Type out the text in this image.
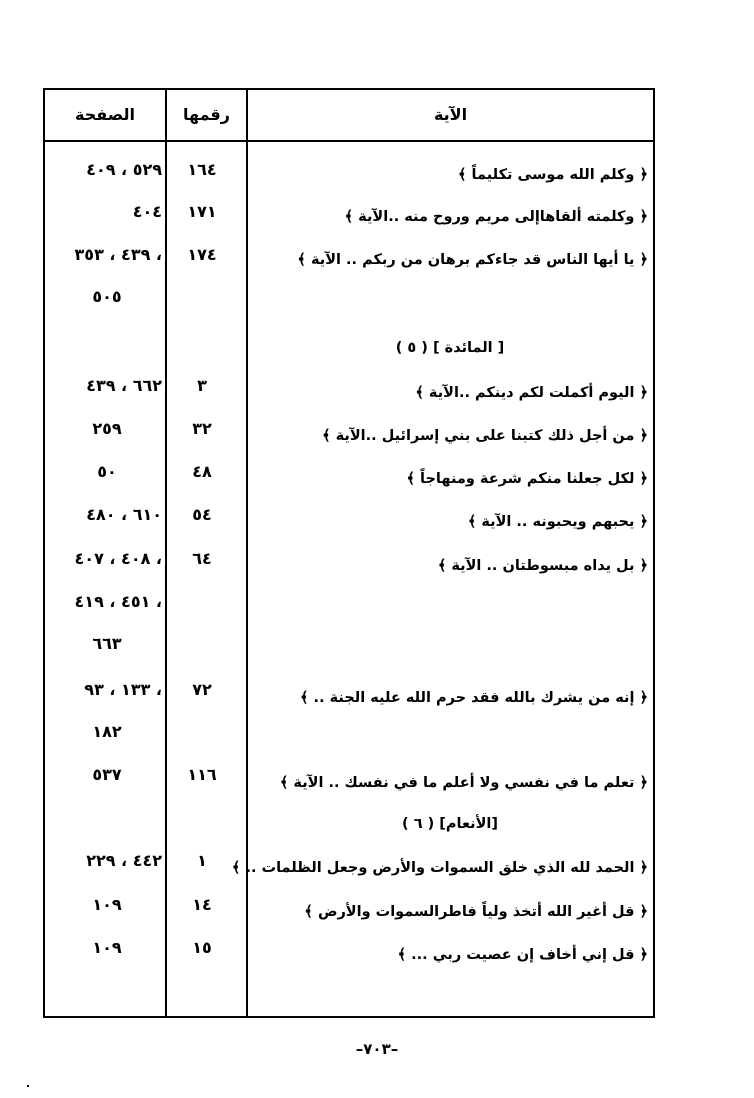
الآية
رقمها
الصفحة
﴿ وكلم الله موسى تكليماً ﴾
١٦٤
٥٢٩ ، ٤٠٩
﴿ وكلمته ألقاهاإلى مريم وروح منه ..الآية ﴾
١٧١
٤٠٤
﴿ يا أيها الناس قد جاءكم برهان من ربكم .. الآية ﴾
١٧٤
، ٤٣٩ ، ٣٥٣
٥٠٥
[ المائدة ] ( ٥ )
﴿ اليوم أكملت لكم دينكم ..الآية ﴾
٣
٦٦٢ ، ٤٣٩
﴿ من أجل ذلك كتبنا على بني إسرائيل ..الآية ﴾
٣٢
٢٥٩
﴿ لكل جعلنا منكم شرعة ومنهاجاً ﴾
٤٨
٥٠
﴿ يحبهم ويحبونه .. الآية ﴾
٥٤
٦١٠ ، ٤٨٠
﴿ بل يداه مبسوطتان .. الآية ﴾
٦٤
، ٤٠٨ ، ٤٠٧
، ٤٥١ ، ٤١٩
٦٦٣
﴿ إنه من يشرك بالله فقد حرم الله عليه الجنة .. ﴾
٧٢
، ١٣٣ ، ٩٣
١٨٢
﴿ تعلم ما في نفسي ولا أعلم ما في نفسك .. الآية ﴾
١١٦
٥٣٧
[الأنعام] ( ٦ )
﴿ الحمد لله الذي خلق السموات والأرض وجعل الظلمات .. ﴾
١
٤٤٢ ، ٢٢٩
﴿ قل أغير الله أتخذ ولياً فاطرالسموات والأرض ﴾
١٤
١٠٩
﴿ قل إني أخاف إن عصيت ربي ... ﴾
١٥
١٠٩
–٧٠٣–
